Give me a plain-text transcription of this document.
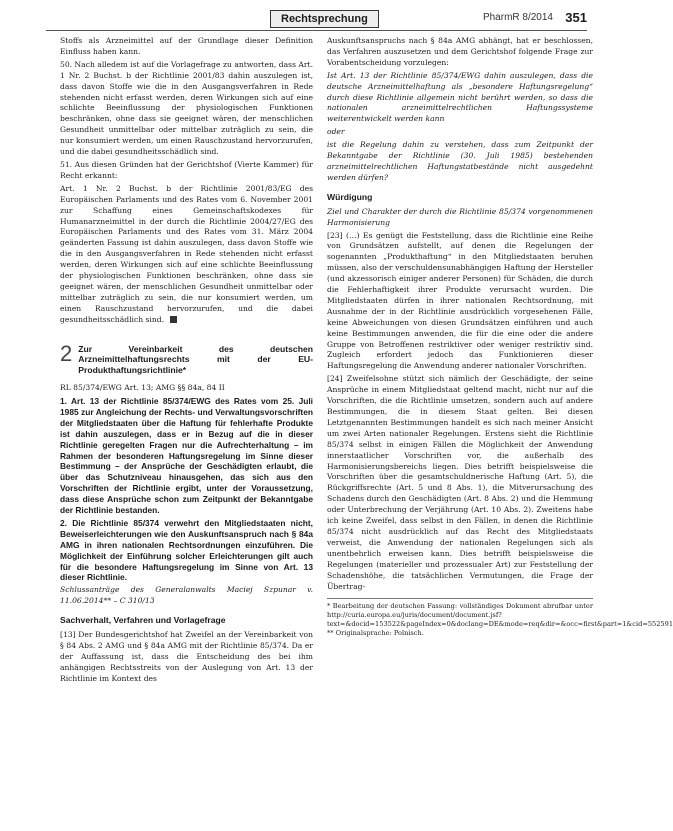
Rechtsprechung	PharmR 8/2014 351

Stoffs als Arzneimittel auf der Grundlage dieser Definition Einfluss haben kann.

50. Nach alledem ist auf die Vorlagefrage zu antworten, dass Art. 1 Nr. 2 Buchst. b der Richtlinie 2001/83 dahin auszulegen ist, dass davon Stoffe wie die in den Ausgangsverfahren in Rede stehenden nicht erfasst werden, deren Wirkungen sich auf eine schlichte Beeinflussung der physiologischen Funktionen beschränken, ohne dass sie geeignet wären, der menschlichen Gesundheit unmittelbar oder mittelbar zuträglich zu sein, die nur konsumiert werden, um einen Rauschzustand hervorzurufen, und die dabei gesundheitsschädlich sind.

51. Aus diesen Gründen hat der Gerichtshof (Vierte Kammer) für Recht erkannt:

Art. 1 Nr. 2 Buchst. b der Richtlinie 2001/83/EG des Europäischen Parlaments und des Rates vom 6. November 2001 zur Schaffung eines Gemeinschaftskodexes für Humanarzneimittel in der durch die Richtlinie 2004/27/EG des Europäischen Parlaments und des Rates vom 31. März 2004 geänderten Fassung ist dahin auszulegen, dass davon Stoffe wie die in den Ausgangsverfahren in Rede stehenden nicht erfasst werden, deren Wirkungen sich auf eine schlichte Beeinflussung der physiologischen Funktionen beschränken, ohne dass sie geeignet wären, der menschlichen Gesundheit unmittelbar oder mittelbar zuträglich zu sein, die nur konsumiert werden, um einen Rauschzustand hervorzurufen, und die dabei gesundheitsschädlich sind.

2 Zur Vereinbarkeit des deutschen Arzneimittelhaftungsrechts mit der EU-Produkthaftungsrichtlinie*

RL 85/374/EWG Art. 13; AMG §§ 84a, 84 II

1. Art. 13 der Richtlinie 85/374/EWG des Rates vom 25. Juli 1985 zur Angleichung der Rechts- und Verwaltungsvorschriften der Mitgliedstaaten über die Haftung für fehlerhafte Produkte ist dahin auszulegen, dass er in Bezug auf die in dieser Richtlinie geregelten Fragen nur die Aufrechterhaltung – im Rahmen der besonderen Haftungsregelung im Sinne dieser Bestimmung – der Ansprüche der Geschädigten erlaubt, die über das Schutzniveau hinausgehen, das sich aus den Vorschriften der Richtlinie ergibt, unter der Voraussetzung, dass diese Ansprüche schon zum Zeitpunkt der Bekanntgabe der Richtlinie bestanden.

2. Die Richtlinie 85/374 verwehrt den Mitgliedstaaten nicht, Beweiserleichterungen wie den Auskunftsanspruch nach § 84a AMG in ihren nationalen Rechtsordnungen einzuführen. Die Möglichkeit der Einführung solcher Erleichterungen gilt auch für die besondere Haftungsregelung im Sinne von Art. 13 dieser Richtlinie.

Schlussanträge des Generalanwalts Maciej Szpunar v. 11.06.2014** – C 310/13

Sachverhalt, Verfahren und Vorlagefrage

[13] Der Bundesgerichtshof hat Zweifel an der Vereinbarkeit von § 84 Abs. 2 AMG und § 84a AMG mit der Richtlinie 85/374. Da er der Auffassung ist, dass die Entscheidung des bei ihm anhängigen Rechtsstreits von der Auslegung von Art. 13 der Richtlinie im Kontext des

Auskunftsanspruchs nach § 84a AMG abhängt, hat er beschlossen, das Verfahren auszusetzen und dem Gerichtshof folgende Frage zur Vorabentscheidung vorzulegen:

Ist Art. 13 der Richtlinie 85/374/EWG dahin auszulegen, dass die deutsche Arzneimittelhaftung als „besondere Haftungsregelung“ durch diese Richtlinie allgemein nicht berührt werden, so dass die nationalen arzneimittelrechtlichen Haftungssysteme weiterentwickelt werden kann

oder

ist die Regelung dahin zu verstehen, dass zum Zeitpunkt der Bekanntgabe der Richtlinie (30. Juli 1985) bestehenden arzneimittelrechtlichen Haftungstatbestände nicht ausgedehnt werden dürfen?

Würdigung

Ziel und Charakter der durch die Richtlinie 85/374 vorgenommenen Harmonisierung

[23] (…) Es genügt die Feststellung, dass die Richtlinie eine Reihe von Grundsätzen aufstellt, auf denen die Regelungen der sogenannten „Produkthaftung“ in den Mitgliedstaaten beruhen müssen, also der verschuldensunabhängigen Haftung der Hersteller (und akzessorisch einiger anderer Personen) für Schäden, die durch die Fehlerhaftigkeit ihrer Produkte verursacht wurden. Die Mitgliedstaaten dürfen in ihrer nationalen Rechtsordnung, mit Ausnahme der in der Richtlinie ausdrücklich vorgesehenen Fälle, keine Abweichungen von diesen Grundsätzen einführen und auch keine Bestimmungen anwenden, die für die eine oder die andere Gruppe von Betroffenen restriktiver oder weniger restriktiv sind. Zugleich erfordert jedoch das Funktionieren dieser Haftungsregelung die Anwendung anderer nationaler Vorschriften.

[24] Zweifelsohne stützt sich nämlich der Geschädigte, der seine Ansprüche in einem Mitgliedstaat geltend macht, nicht nur auf die Vorschriften, die die Richtlinie umsetzen, sondern auch auf andere Bestimmungen, die in diesem Staat gelten. Bei diesen Letztgenannten Bestimmungen handelt es sich nach meiner Ansicht um zwei Arten nationaler Regelungen. Erstens sieht die Richtlinie 85/374 selbst in einigen Fällen die Möglichkeit der Anwendung innerstaatlicher Vorschriften vor, die außerhalb des Harmonisierungsbereichs liegen. Dies betrifft beispielsweise die Vorschriften über die gesamtschuldnerische Haftung (Art. 5), die Rückgriffsrechte (Art. 5 und 8 Abs. 1), die Mitverursachung des Schadens durch den Geschädigten (Art. 8 Abs. 2) und die Hemmung oder Unterbrechung der Verjährung (Art. 10 Abs. 2). Zweitens habe ich keine Zweifel, dass selbst in den Fällen, in denen die Richtlinie 85/374 nicht ausdrücklich auf das Recht des Mitgliedstaats verweist, die Anwendung der nationalen Regelungen sich als unentbehrlich erweisen kann. Dies betrifft beispielsweise die Regelungen (materieller und prozessualer Art) zur Feststellung der Schadenshöhe, die tatsächlichen Vermutungen, die Frage der Übertrag-

* Bearbeitung der deutschen Fassung: vollständiges Dokument abrufbar unter http://curia.europa.eu/juris/document/document.jsf?text=&docid=153522&pageIndex=0&doclang=DE&mode=req&dir=&occ=first&part=1&cid=552591
** Originalsprache: Polnisch.
